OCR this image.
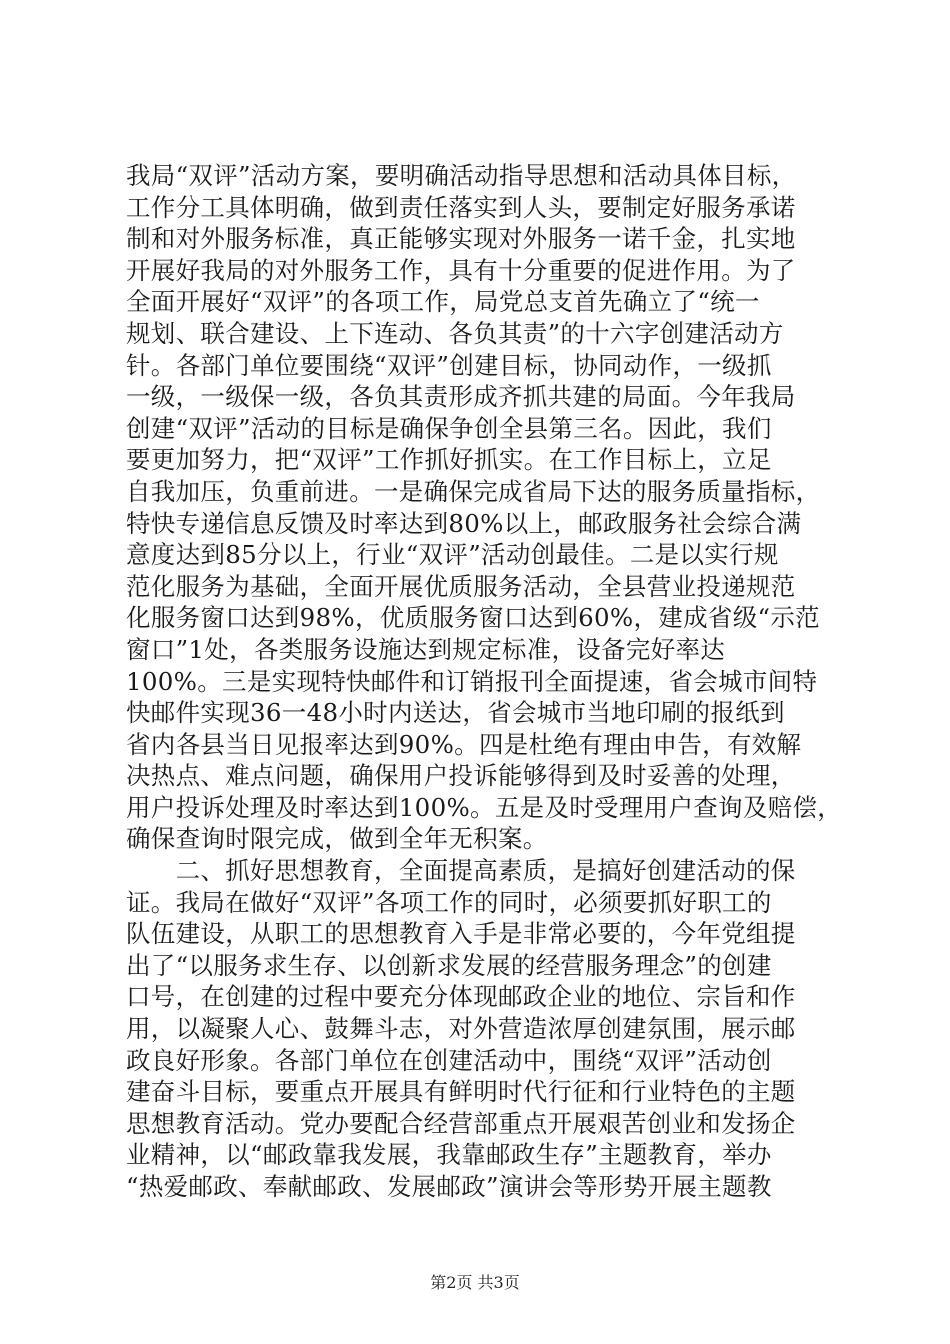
我局“双评”活动方案，要明确活动指导思想和活动具体目标，
工作分工具体明确，做到责任落实到人头，要制定好服务承诺
制和对外服务标准，真正能够实现对外服务一诺千金，扎实地
开展好我局的对外服务工作，具有十分重要的促进作用。为了
全面开展好“双评”的各项工作，局党总支首先确立了“统一
规划、联合建设、上下连动、各负其责”的十六字创建活动方
针。各部门单位要围绕“双评”创建目标，协同动作，一级抓
一级，一级保一级，各负其责形成齐抓共建的局面。今年我局
创建“双评”活动的目标是确保争创全县第三名。因此，我们
要更加努力，把“双评”工作抓好抓实。在工作目标上，立足
自我加压，负重前进。一是确保完成省局下达的服务质量指标，
特快专递信息反馈及时率达到80%以上，邮政服务社会综合满
意度达到85分以上，行业“双评”活动创最佳。二是以实行规
范化服务为基础，全面开展优质服务活动，全县营业投递规范
化服务窗口达到98%，优质服务窗口达到60%，建成省级“示范
窗口”1处，各类服务设施达到规定标准，设备完好率达
100%。三是实现特快邮件和订销报刊全面提速，省会城市间特
快邮件实现36一48小时内送达，省会城市当地印刷的报纸到
省内各县当日见报率达到90%。四是杜绝有理由申告，有效解
决热点、难点问题，确保用户投诉能够得到及时妥善的处理，
用户投诉处理及时率达到100%。五是及时受理用户查询及赔偿，
确保查询时限完成，做到全年无积案。
　　二、抓好思想教育，全面提高素质，是搞好创建活动的保
证。我局在做好“双评”各项工作的同时，必须要抓好职工的
队伍建设，从职工的思想教育入手是非常必要的，今年党组提
出了“以服务求生存、以创新求发展的经营服务理念”的创建
口号，在创建的过程中要充分体现邮政企业的地位、宗旨和作
用，以凝聚人心、鼓舞斗志，对外营造浓厚创建氛围，展示邮
政良好形象。各部门单位在创建活动中，围绕“双评”活动创
建奋斗目标，要重点开展具有鲜明时代行征和行业特色的主题
思想教育活动。党办要配合经营部重点开展艰苦创业和发扬企
业精神，以“邮政靠我发展，我靠邮政生存”主题教育，举办
“热爱邮政、奉献邮政、发展邮政”演讲会等形势开展主题教
第2页 共3页
